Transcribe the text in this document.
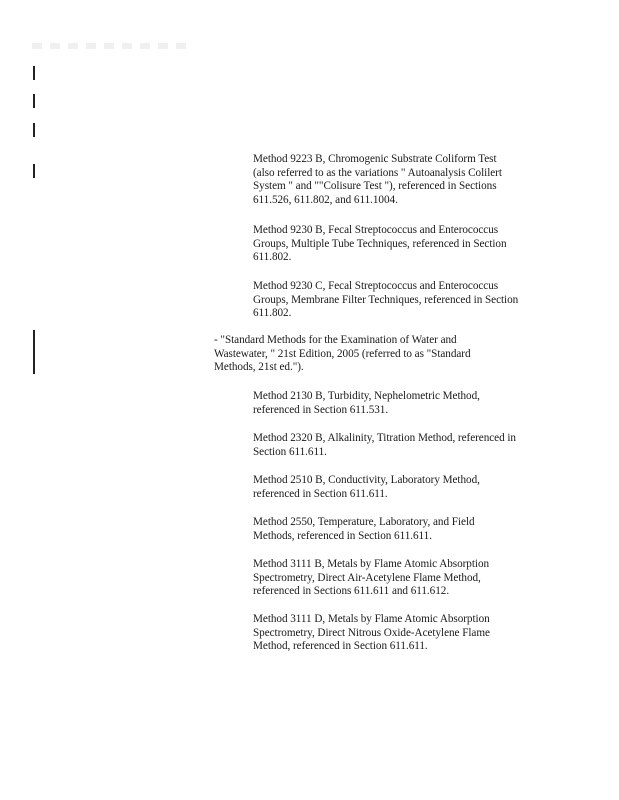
Method 9223 B, Chromogenic Substrate Coliform Test
(also referred to as the variations " Autoanalysis Colilert
System " and ""Colisure Test "), referenced in Sections
611.526, 611.802, and 611.1004.
Method 9230 B, Fecal Streptococcus and Enterococcus
Groups, Multiple Tube Techniques, referenced in Section
611.802.
Method 9230 C, Fecal Streptococcus and Enterococcus
Groups, Membrane Filter Techniques, referenced in Section
611.802.
- "Standard Methods for the Examination of Water and
Wastewater, " 21st Edition, 2005 (referred to as "Standard
Methods, 21st ed.").
Method 2130 B, Turbidity, Nephelometric Method,
referenced in Section 611.531.
Method 2320 B, Alkalinity, Titration Method, referenced in
Section 611.611.
Method 2510 B, Conductivity, Laboratory Method,
referenced in Section 611.611.
Method 2550, Temperature, Laboratory, and Field
Methods, referenced in Section 611.611.
Method 3111 B, Metals by Flame Atomic Absorption
Spectrometry, Direct Air-Acetylene Flame Method,
referenced in Sections 611.611 and 611.612.
Method 3111 D, Metals by Flame Atomic Absorption
Spectrometry, Direct Nitrous Oxide-Acetylene Flame
Method, referenced in Section 611.611.
